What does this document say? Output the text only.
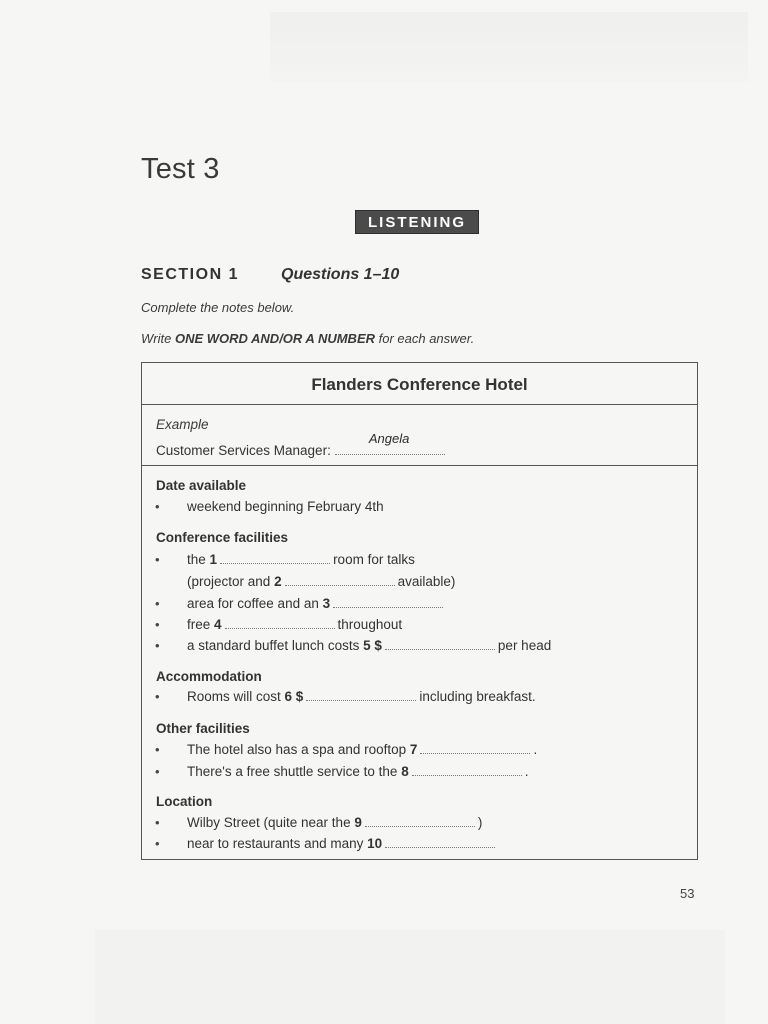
Test 3
LISTENING
SECTION 1	Questions 1–10
Complete the notes below.
Write ONE WORD AND/OR A NUMBER for each answer.
Flanders Conference Hotel
Example
Customer Services Manager:
Angela
Date available
• weekend beginning February 4th
Conference facilities
• the 1	room for talks
(projector and 2	available)
• area for coffee and an 3
• free 4	throughout
• a standard buffet lunch costs 5 $	per head
Accommodation
• Rooms will cost 6 $	including breakfast.
Other facilities
• The hotel also has a spa and rooftop 7	.
• There's a free shuttle service to the 8	.
Location
• Wilby Street (quite near the 9	)
• near to restaurants and many 10
53
